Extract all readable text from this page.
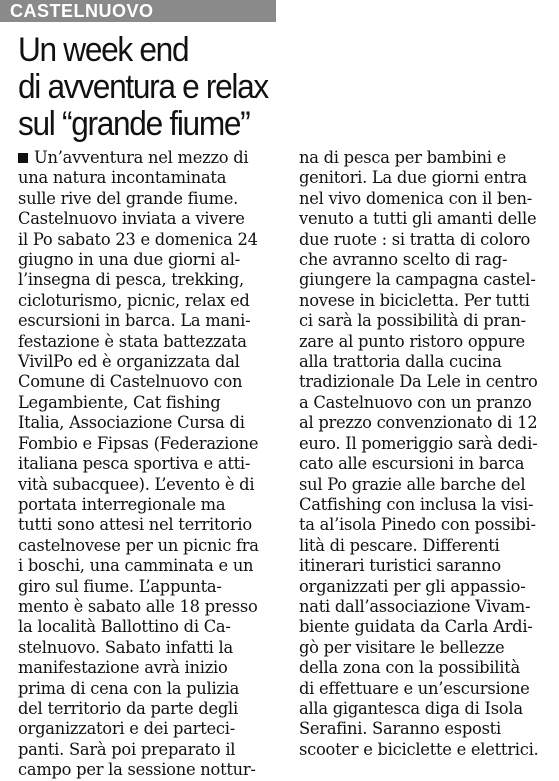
CASTELNUOVO
Un week end
di avventura e relax
sul “grande fiume”
Un’avventura nel mezzo di
una natura incontaminata
sulle rive del grande fiume.
Castelnuovo inviata a vivere
il Po sabato 23 e domenica 24
giugno in una due giorni al-
l’insegna di pesca, trekking,
cicloturismo, picnic, relax ed
escursioni in barca. La mani-
festazione è stata battezzata
VivilPo ed è organizzata dal
Comune di Castelnuovo con
Legambiente, Cat fishing
Italia, Associazione Cursa di
Fombio e Fipsas (Federazione
italiana pesca sportiva e atti-
vità subacquee). L’evento è di
portata interregionale ma
tutti sono attesi nel territorio
castelnovese per un picnic fra
i boschi, una camminata e un
giro sul fiume. L’appunta-
mento è sabato alle 18 presso
la località Ballottino di Ca-
stelnuovo. Sabato infatti la
manifestazione avrà inizio
prima di cena con la pulizia
del territorio da parte degli
organizzatori e dei parteci-
panti. Sarà poi preparato il
campo per la sessione nottur-
na di pesca per bambini e
genitori. La due giorni entra
nel vivo domenica con il ben-
venuto a tutti gli amanti delle
due ruote : si tratta di coloro
che avranno scelto di rag-
giungere la campagna castel-
novese in bicicletta. Per tutti
ci sarà la possibilità di pran-
zare al punto ristoro oppure
alla trattoria dalla cucina
tradizionale Da Lele in centro
a Castelnuovo con un pranzo
al prezzo convenzionato di 12
euro. Il pomeriggio sarà dedi-
cato alle escursioni in barca
sul Po grazie alle barche del
Catfishing con inclusa la visi-
ta al’isola Pinedo con possibi-
lità di pescare. Differenti
itinerari turistici saranno
organizzati per gli appassio-
nati dall’associazione Vivam-
biente guidata da Carla Ardi-
gò per visitare le bellezze
della zona con la possibilità
di effettuare e un’escursione
alla gigantesca diga di Isola
Serafini. Saranno esposti
scooter e biciclette e elettrici.
